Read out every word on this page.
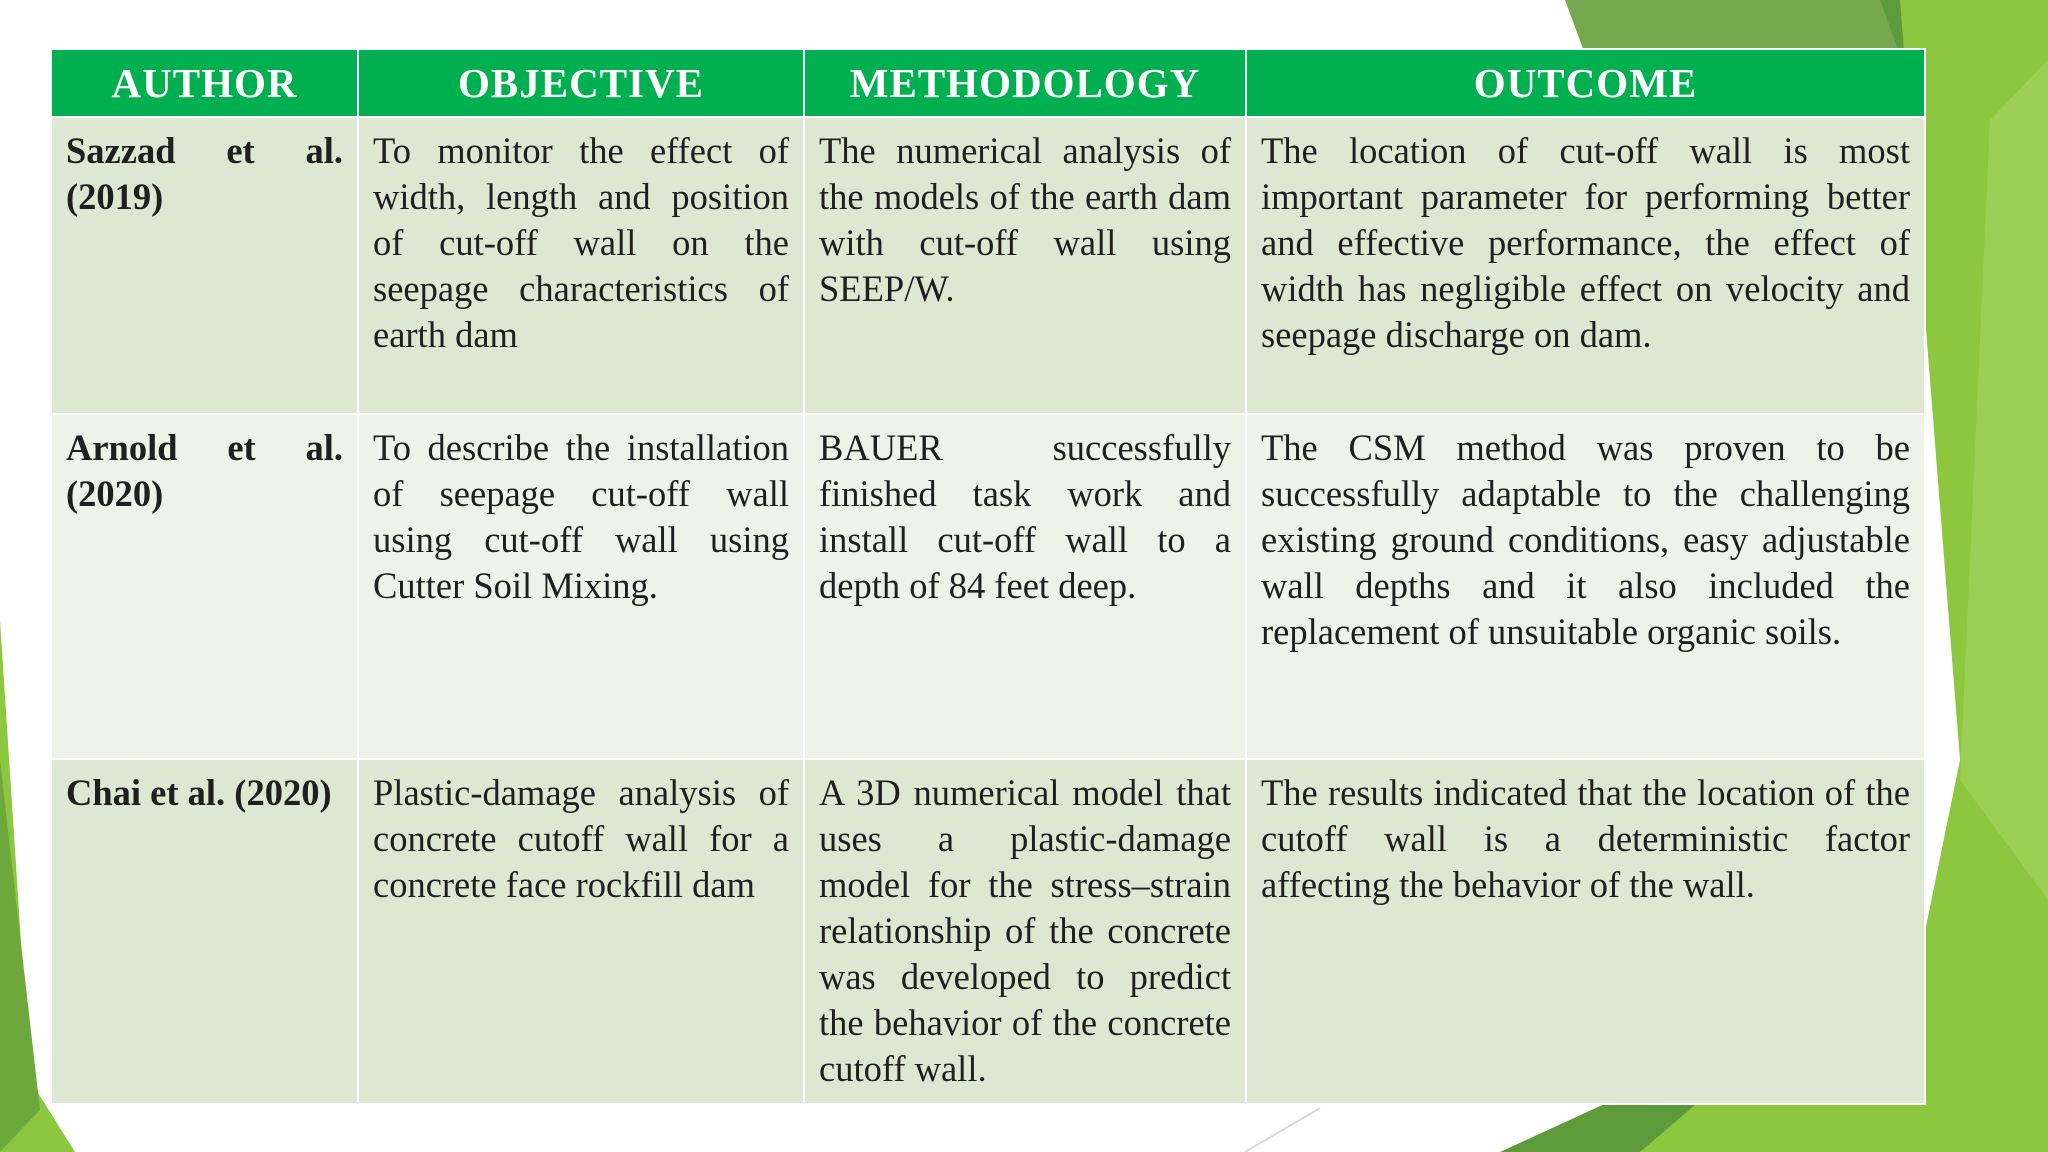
AUTHOR	OBJECTIVE	METHODOLOGY	OUTCOME
Sazzad et al. (2019)	To monitor the effect of width, length and position of cut-off wall on the seepage characteristics of earth dam	The numerical analysis of the models of the earth dam with cut-off wall using SEEP/W.	The location of cut-off wall is most important parameter for performing better and effective performance, the effect of width has negligible effect on velocity and seepage discharge on dam.
Arnold et al. (2020)	To describe the installation of seepage cut-off wall using cut-off wall using Cutter Soil Mixing.	BAUER successfully finished task work and install cut-off wall to a depth of 84 feet deep.	The CSM method was proven to be successfully adaptable to the challenging existing ground conditions, easy adjustable wall depths and it also included the replacement of unsuitable organic soils.
Chai et al. (2020)	Plastic-damage analysis of concrete cutoff wall for a concrete face rockfill dam	A 3D numerical model that uses a plastic-damage model for the stress–strain relationship of the concrete was developed to predict the behavior of the concrete cutoff wall.	The results indicated that the location of the cutoff wall is a deterministic factor affecting the behavior of the wall.
